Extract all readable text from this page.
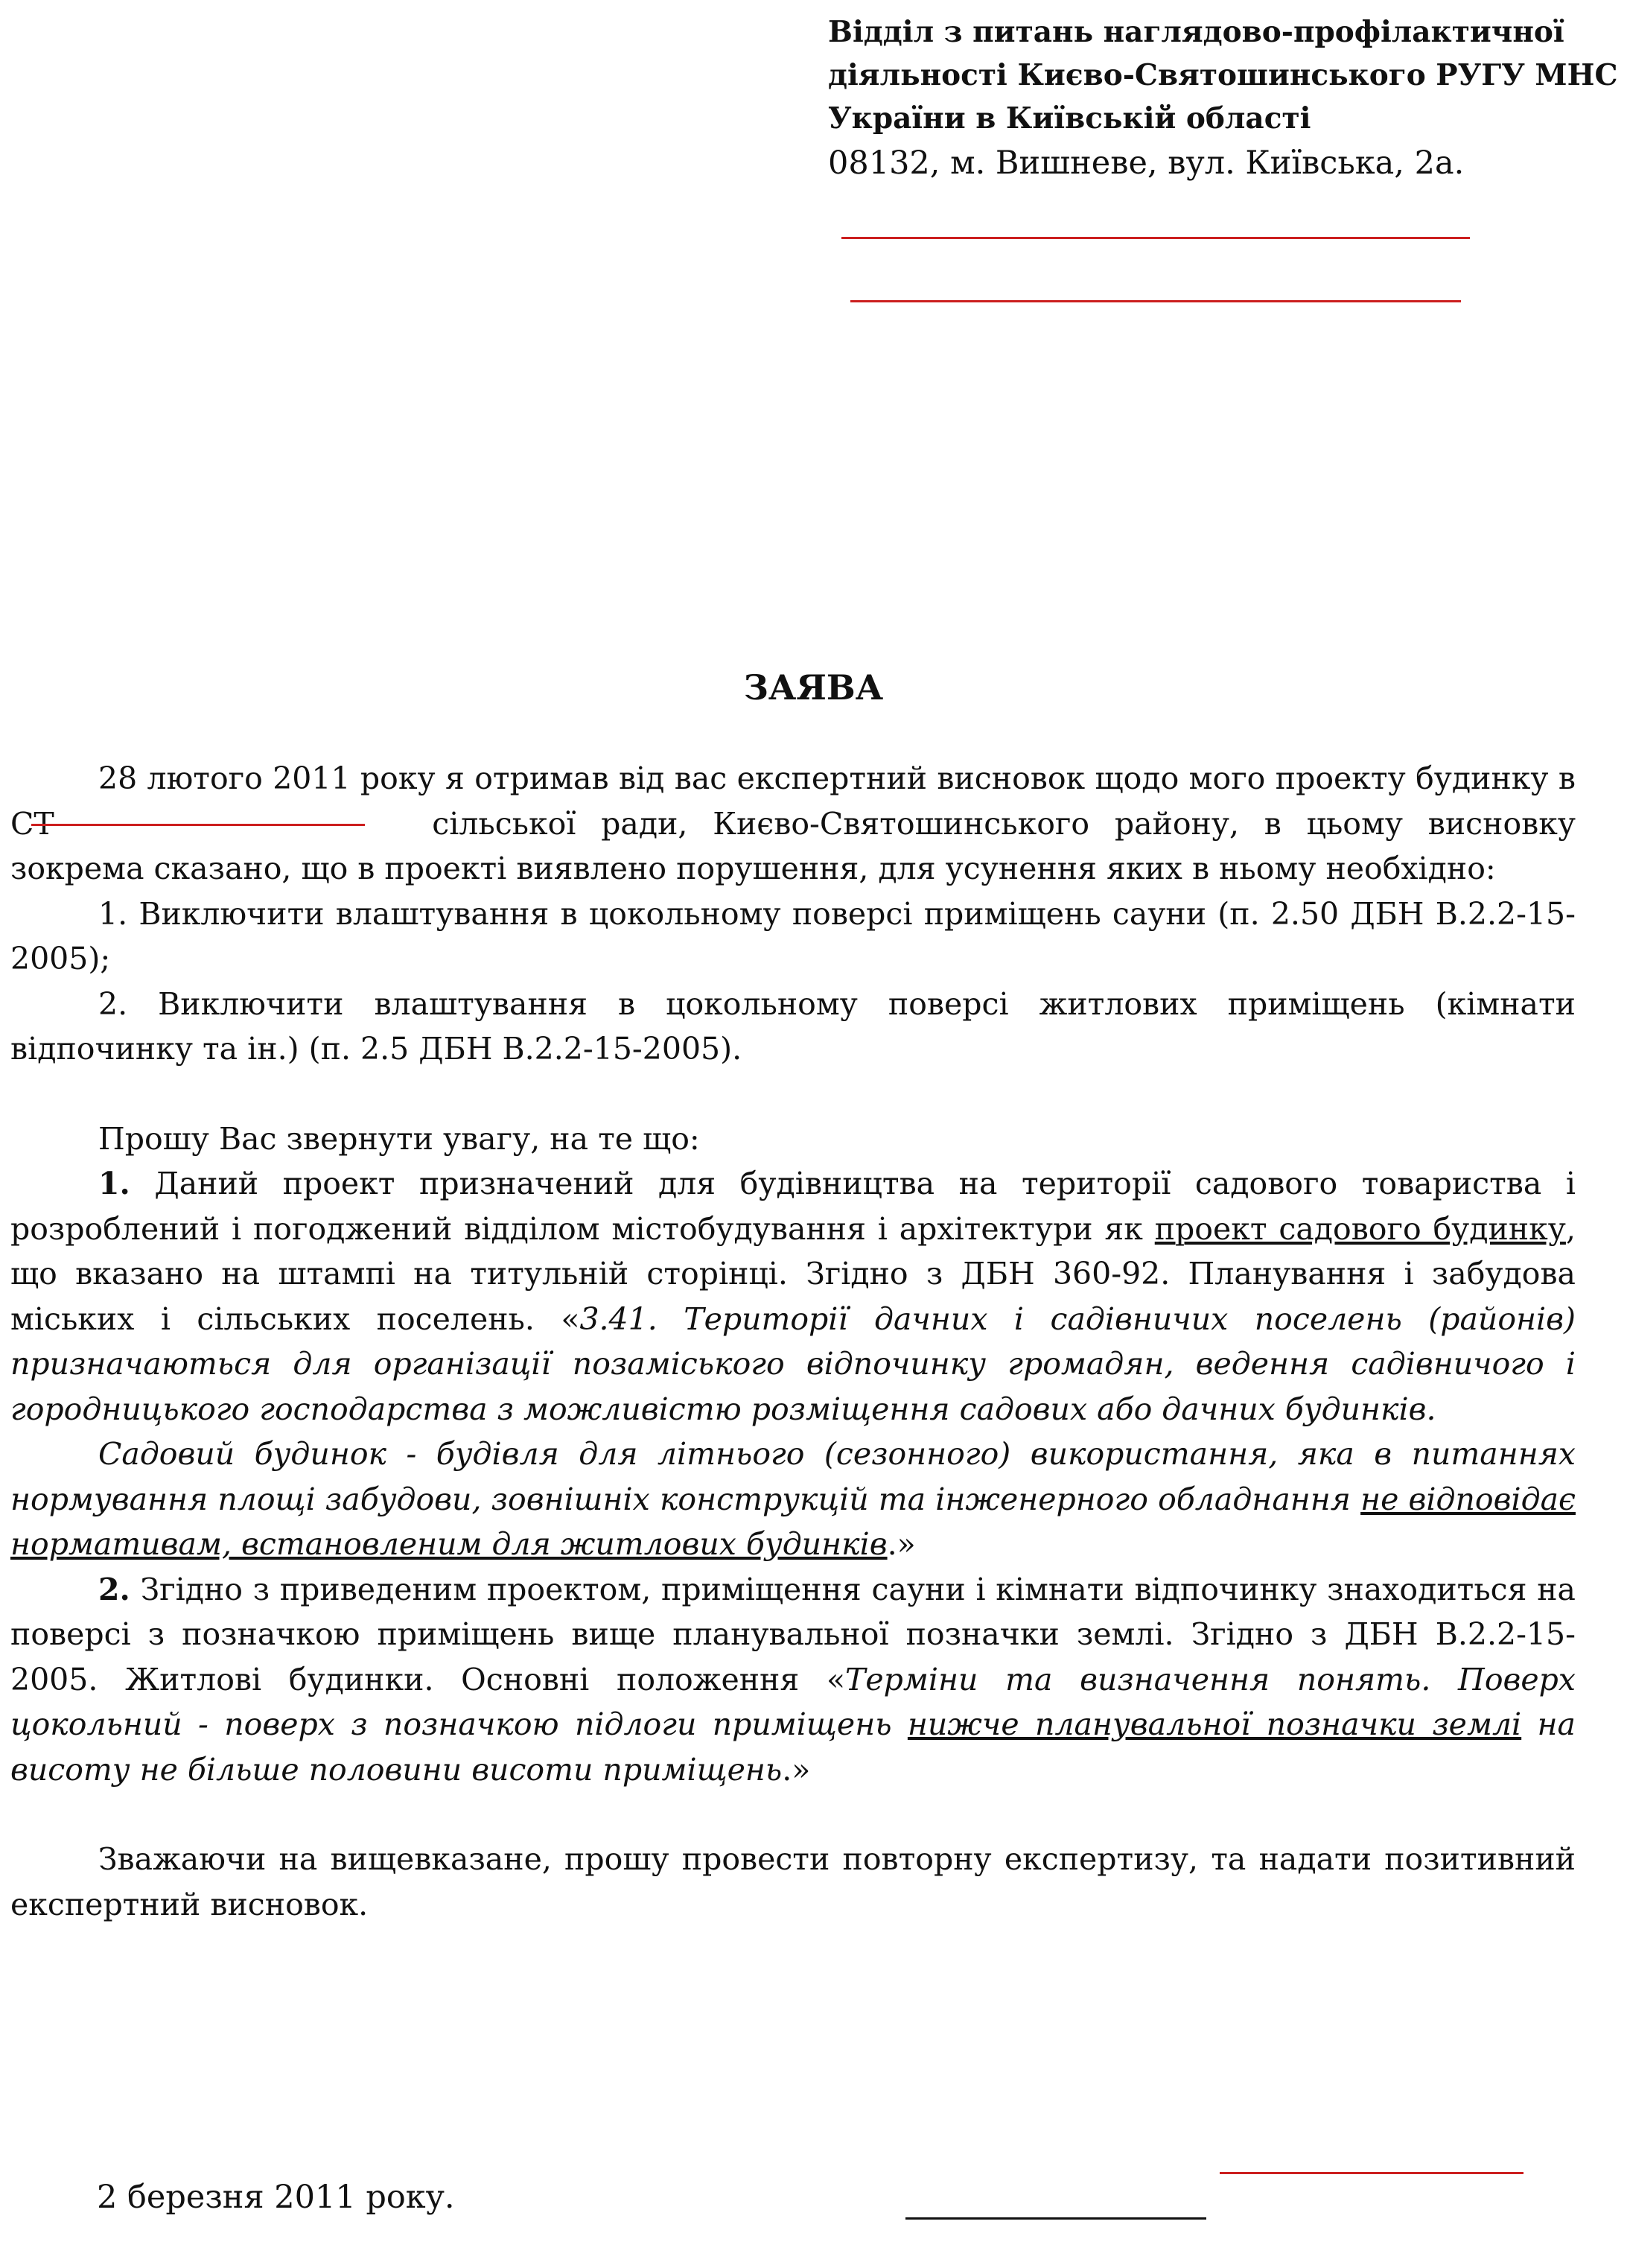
Відділ з питань наглядово-профілактичної
діяльності Києво-Святошинського РУГУ МНС
України в Київській області
08132, м. Вишневе, вул. Київська, 2а.
ЗАЯВА

28 лютого 2011 року я отримав від вас експертний висновок щодо мого проекту будинку в СТ	сільської ради, Києво-Святошинського району, в цьому висновку зокрема сказано, що в проекті виявлено порушення, для усунення яких в ньому необхідно:

1. Виключити влаштування в цокольному поверсі приміщень сауни (п. 2.50 ДБН В.2.2-15-2005);

2. Виключити влаштування в цокольному поверсі житлових приміщень (кімнати відпочинку та ін.) (п. 2.5 ДБН В.2.2-15-2005).

Прошу Вас звернути увагу, на те що:

1. Даний проект призначений для будівництва на території садового товариства і розроблений і погоджений відділом містобудування і архітектури як проект садового будинку, що вказано на штампі на титульній сторінці. Згідно з ДБН 360-92. Планування і забудова міських і сільських поселень. «3.41. Території дачних і садівничих поселень (районів) призначаються для організації позаміського відпочинку громадян, ведення садівничого і городницького господарства з можливістю розміщення садових або дачних будинків.

Садовий будинок - будівля для літнього (сезонного) використання, яка в питаннях нормування площі забудови, зовнішніх конструкцій та інженерного обладнання не відповідає нормативам, встановленим для житлових будинків.»

2. Згідно з приведеним проектом, приміщення сауни і кімнати відпочинку знаходиться на поверсі з позначкою приміщень вище планувальної позначки землі. Згідно з ДБН В.2.2-15-2005. Житлові будинки. Основні положення «Терміни та визначення понять. Поверх цокольний - поверх з позначкою підлоги приміщень нижче планувальної позначки землі на висоту не більше половини висоти приміщень.»

Зважаючи на вищевказане, прошу провести повторну експертизу, та надати позитивний експертний висновок.

2 березня 2011 року.
